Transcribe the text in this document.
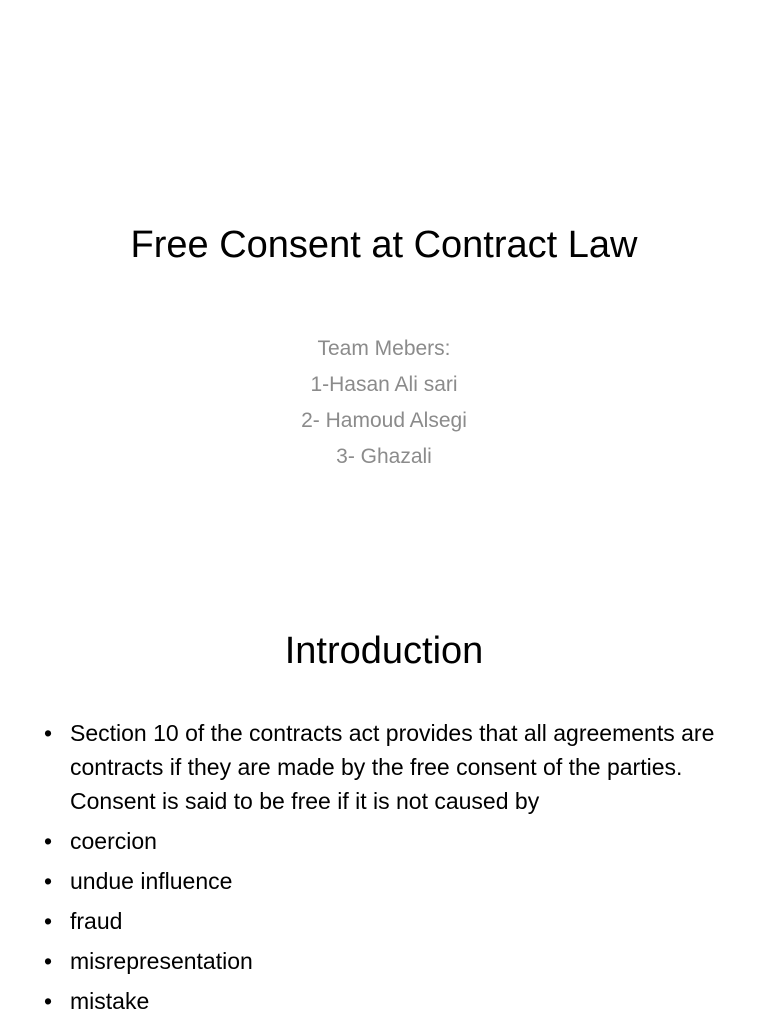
Free Consent at Contract Law
Team Mebers:
1-Hasan Ali sari
2- Hamoud Alsegi
3- Ghazali
Introduction
• Section 10 of the contracts act provides that all agreements are contracts if they are made by the free consent of the parties. Consent is said to be free if it is not caused by
• coercion
• undue influence
• fraud
• misrepresentation
• mistake
